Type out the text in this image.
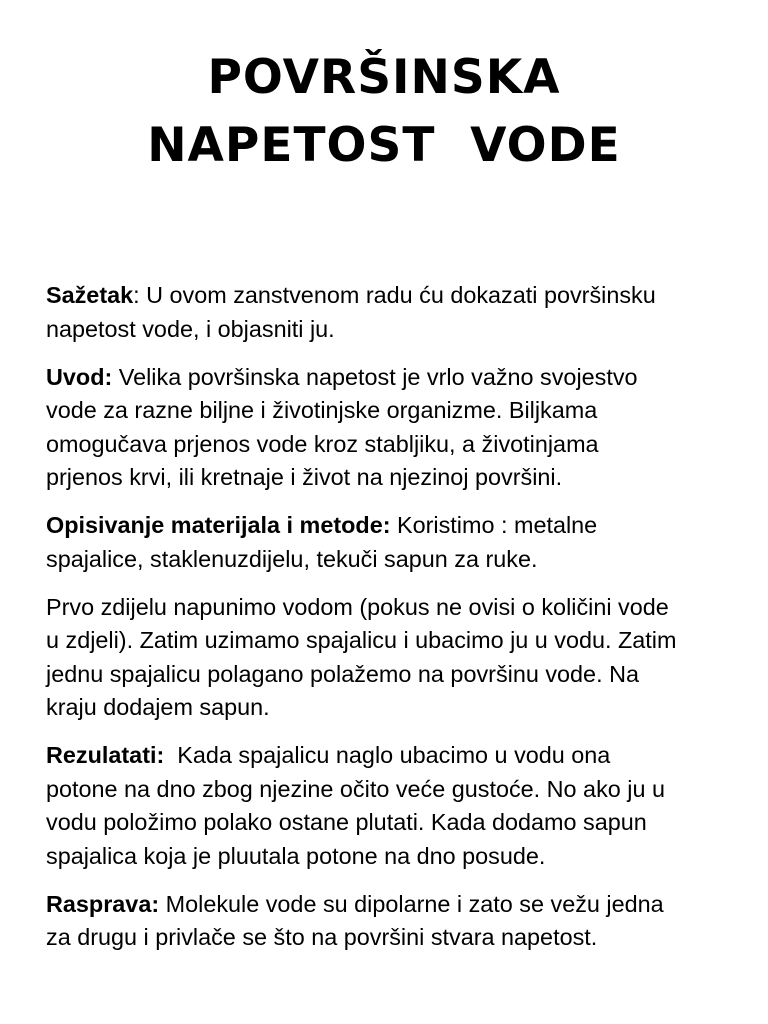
POVRŠINSKA
NAPETOST  VODE

Sažetak: U ovom zanstvenom radu ću dokazati površinsku
napetost vode, i objasniti ju.

Uvod: Velika površinska napetost je vrlo važno svojestvo
vode za razne biljne i životinjske organizme. Biljkama
omogučava prjenos vode kroz stabljiku, a životinjama
prjenos krvi, ili kretnaje i život na njezinoj površini.

Opisivanje materijala i metode: Koristimo : metalne
spajalice, staklenuzdijelu, tekuči sapun za ruke.

Prvo zdijelu napunimo vodom (pokus ne ovisi o količini vode
u zdjeli). Zatim uzimamo spajalicu i ubacimo ju u vodu. Zatim
jednu spajalicu polagano polažemo na površinu vode. Na
kraju dodajem sapun.

Rezulatati:  Kada spajalicu naglo ubacimo u vodu ona
potone na dno zbog njezine očito veće gustoće. No ako ju u
vodu položimo polako ostane plutati. Kada dodamo sapun
spajalica koja je pluutala potone na dno posude.

Rasprava: Molekule vode su dipolarne i zato se vežu jedna
za drugu i privlače se što na površini stvara napetost.
